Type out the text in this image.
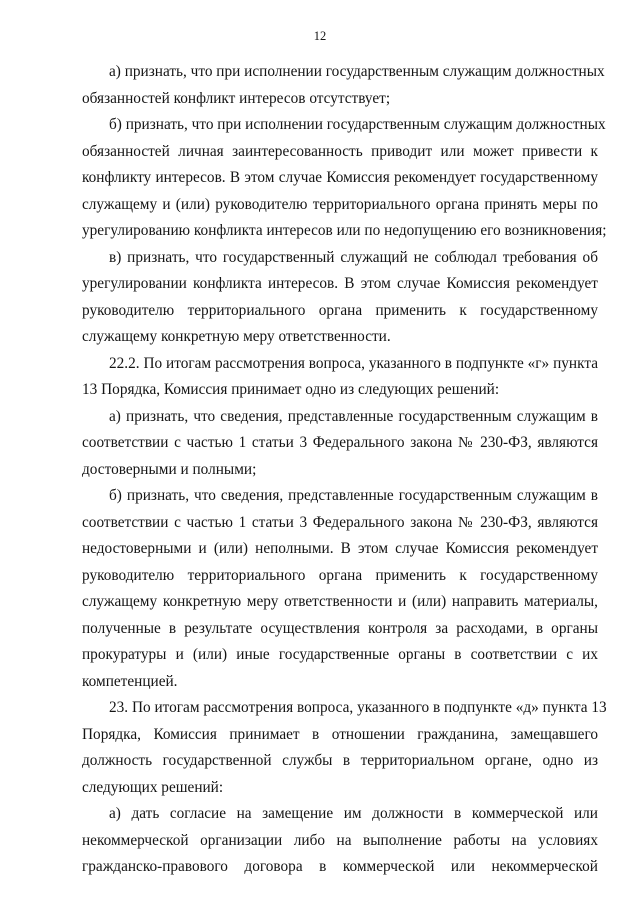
12
а) признать, что при исполнении государственным служащим должностных
обязанностей конфликт интересов отсутствует;
б) признать, что при исполнении государственным служащим должностных
обязанностей личная заинтересованность приводит или может привести к
конфликту интересов. В этом случае Комиссия рекомендует государственному
служащему и (или) руководителю территориального органа принять меры по
урегулированию конфликта интересов или по недопущению его возникновения;
в) признать, что государственный служащий не соблюдал требования об
урегулировании конфликта интересов. В этом случае Комиссия рекомендует
руководителю территориального органа применить к государственному
служащему конкретную меру ответственности.
22.2. По итогам рассмотрения вопроса, указанного в подпункте «г» пункта
13 Порядка, Комиссия принимает одно из следующих решений:
а) признать, что сведения, представленные государственным служащим в
соответствии с частью 1 статьи 3 Федерального закона № 230-ФЗ, являются
достоверными и полными;
б) признать, что сведения, представленные государственным служащим в
соответствии с частью 1 статьи 3 Федерального закона № 230-ФЗ, являются
недостоверными и (или) неполными. В этом случае Комиссия рекомендует
руководителю территориального органа применить к государственному
служащему конкретную меру ответственности и (или) направить материалы,
полученные в результате осуществления контроля за расходами, в органы
прокуратуры и (или) иные государственные органы в соответствии с их
компетенцией.
23. По итогам рассмотрения вопроса, указанного в подпункте «д» пункта 13
Порядка, Комиссия принимает в отношении гражданина, замещавшего
должность государственной службы в территориальном органе, одно из
следующих решений:
а) дать согласие на замещение им должности в коммерческой или
некоммерческой организации либо на выполнение работы на условиях
гражданско-правового договора в коммерческой или некоммерческой
